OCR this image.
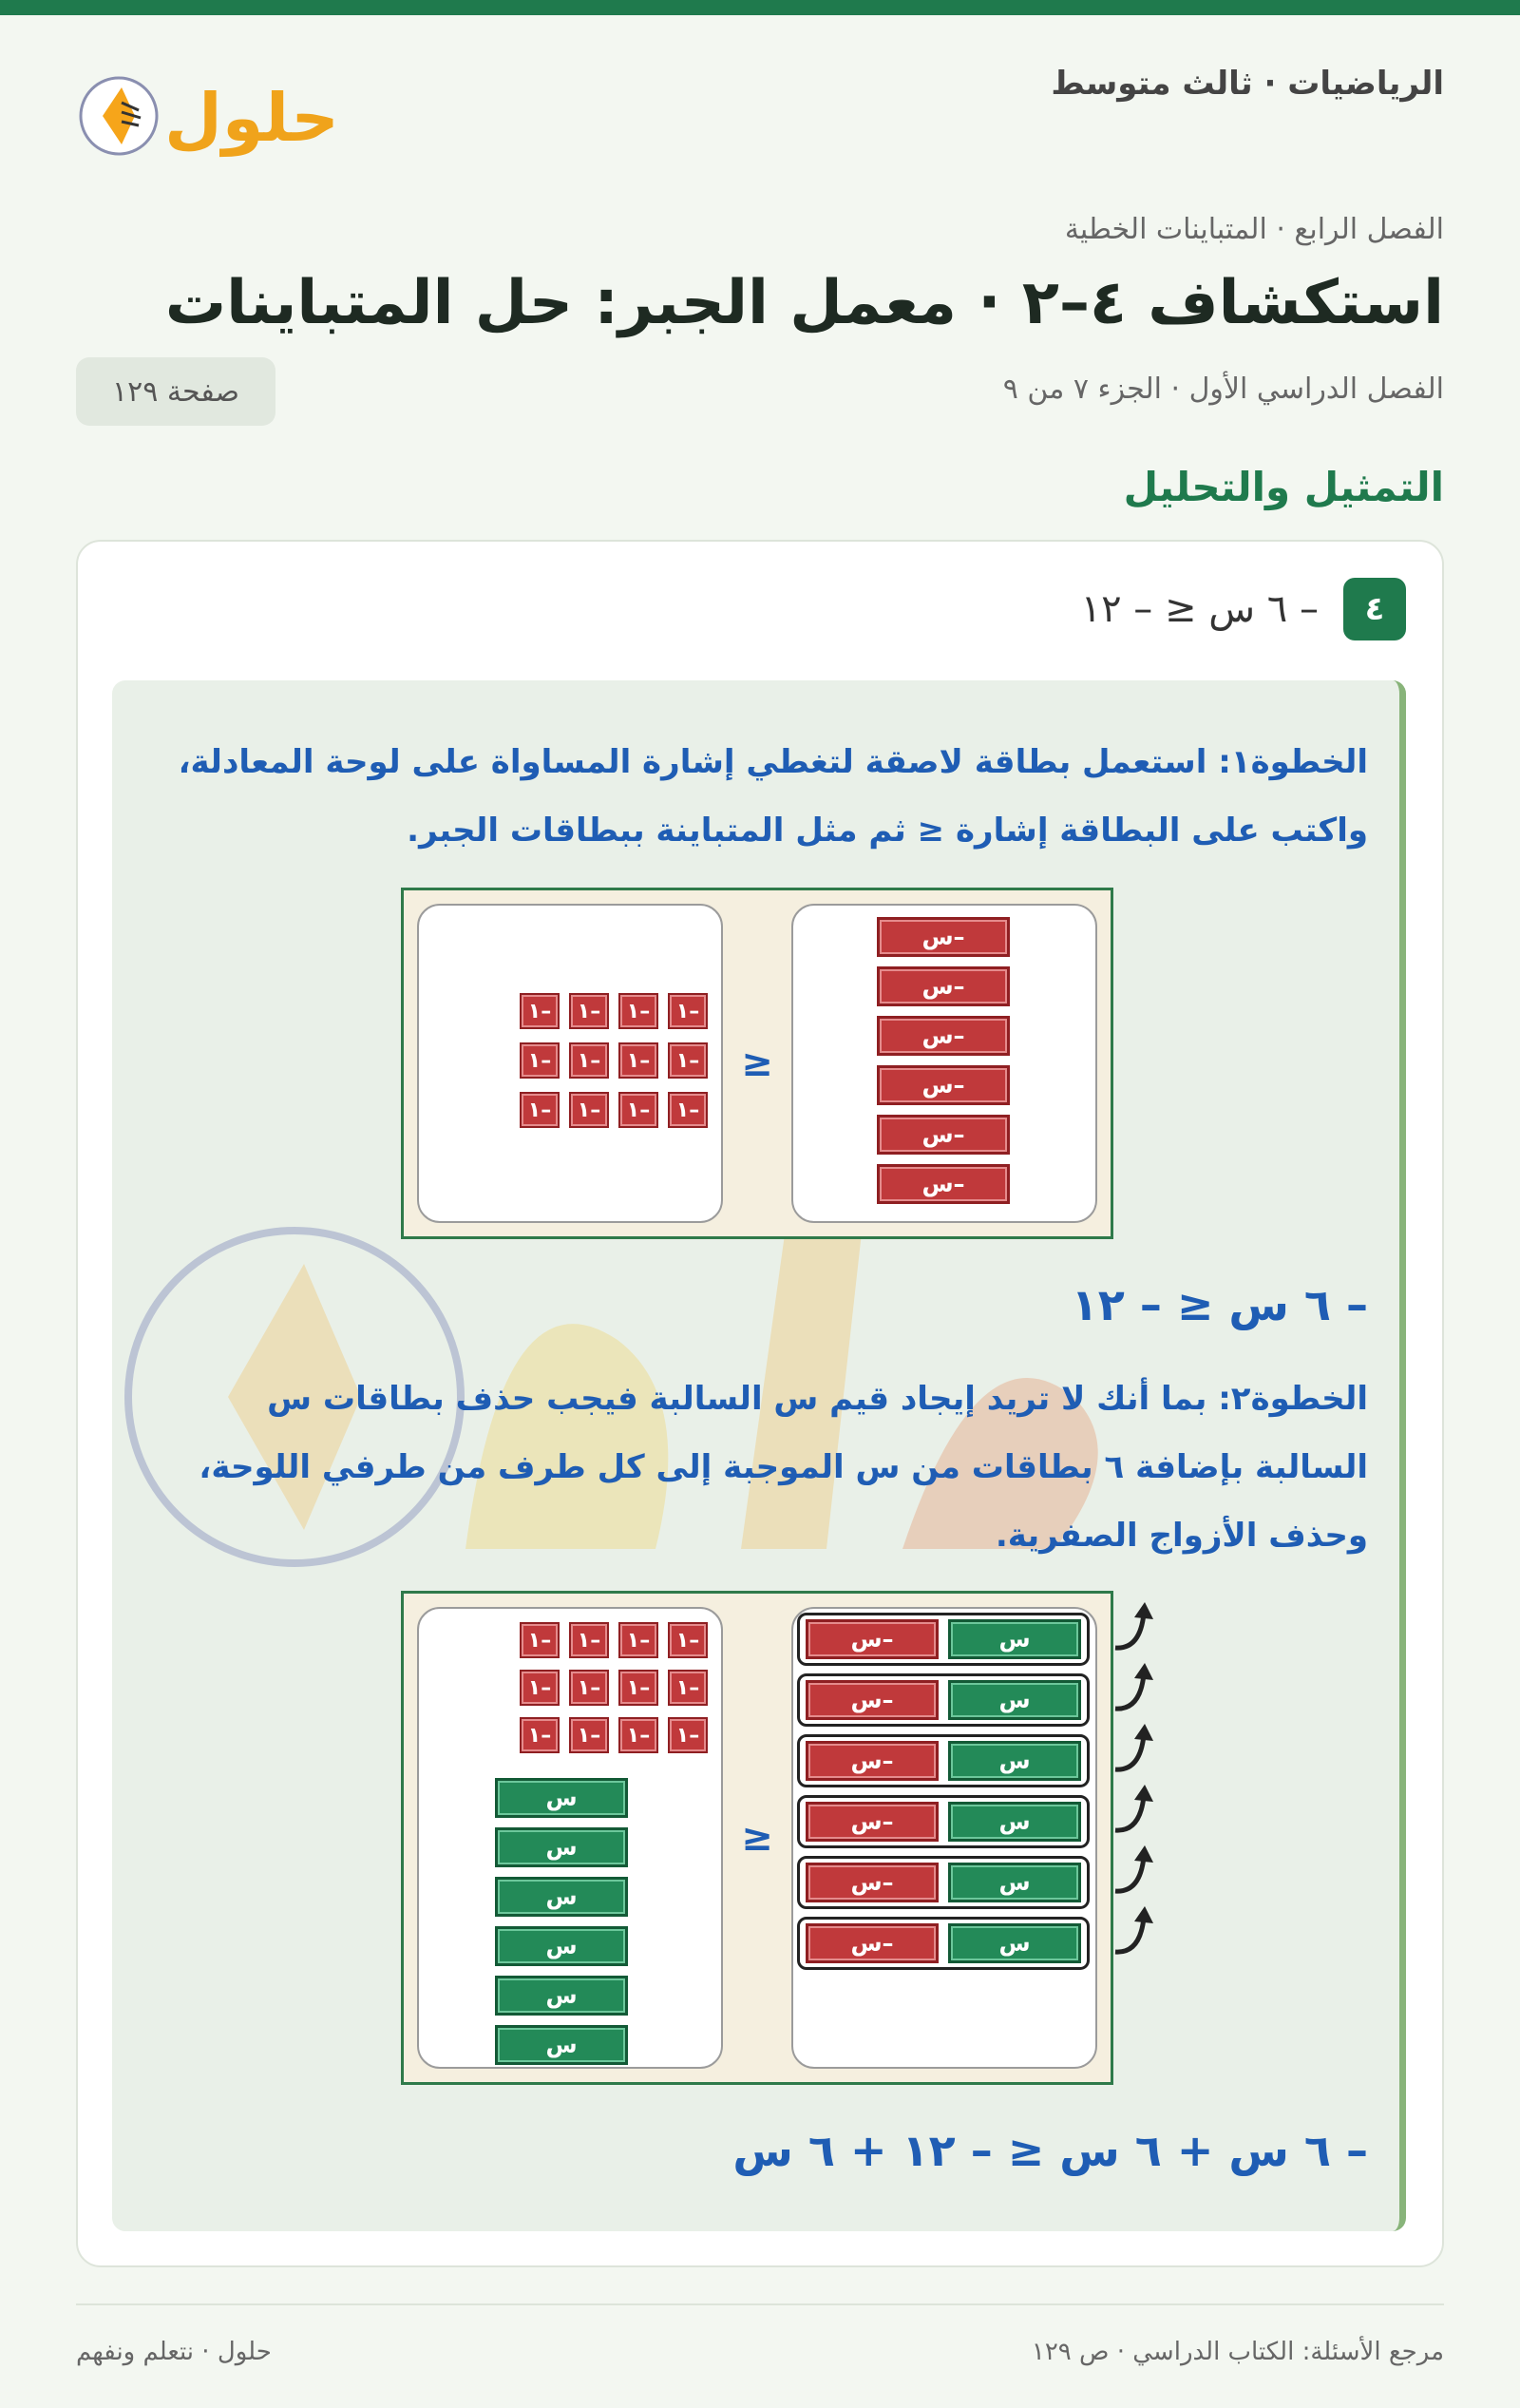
الرياضيات · ثالث متوسط
حلول
الفصل الرابع · المتباينات الخطية
استكشاف ٤–٢ · معمل الجبر: حل المتباينات
الفصل الدراسي الأول · الجزء ٧ من ٩
صفحة ١٢٩
التمثيل والتحليل
٤
– ٦ س ≤ – ١٢
الخطوة١: استعمل بطاقة لاصقة لتغطي إشارة المساواة على لوحة المعادلة، واكتب على البطاقة إشارة ≤ ثم مثل المتباينة ببطاقات الجبر.
–١
–١
–١
–١
–١
–١
–١
–١
–١
–١
–١
–١
≤
–س
–س
–س
–س
–س
–س
– ٦ س ≤ – ١٢
الخطوة٢: بما أنك لا تريد إيجاد قيم س السالبة فيجب حذف بطاقات س السالبة بإضافة ٦ بطاقات من س الموجبة إلى كل طرف من طرفي اللوحة، وحذف الأزواج الصفرية.
–١
–١
–١
–١
–١
–١
–١
–١
–١
–١
–١
–١
س
س
س
س
س
س
≤
س
–س
س
–س
س
–س
س
–س
س
–س
س
–س
– ٦ س + ٦ س ≤ – ١٢ + ٦ س
مرجع الأسئلة: الكتاب الدراسي · ص ١٢٩
حلول · نتعلم ونفهم
